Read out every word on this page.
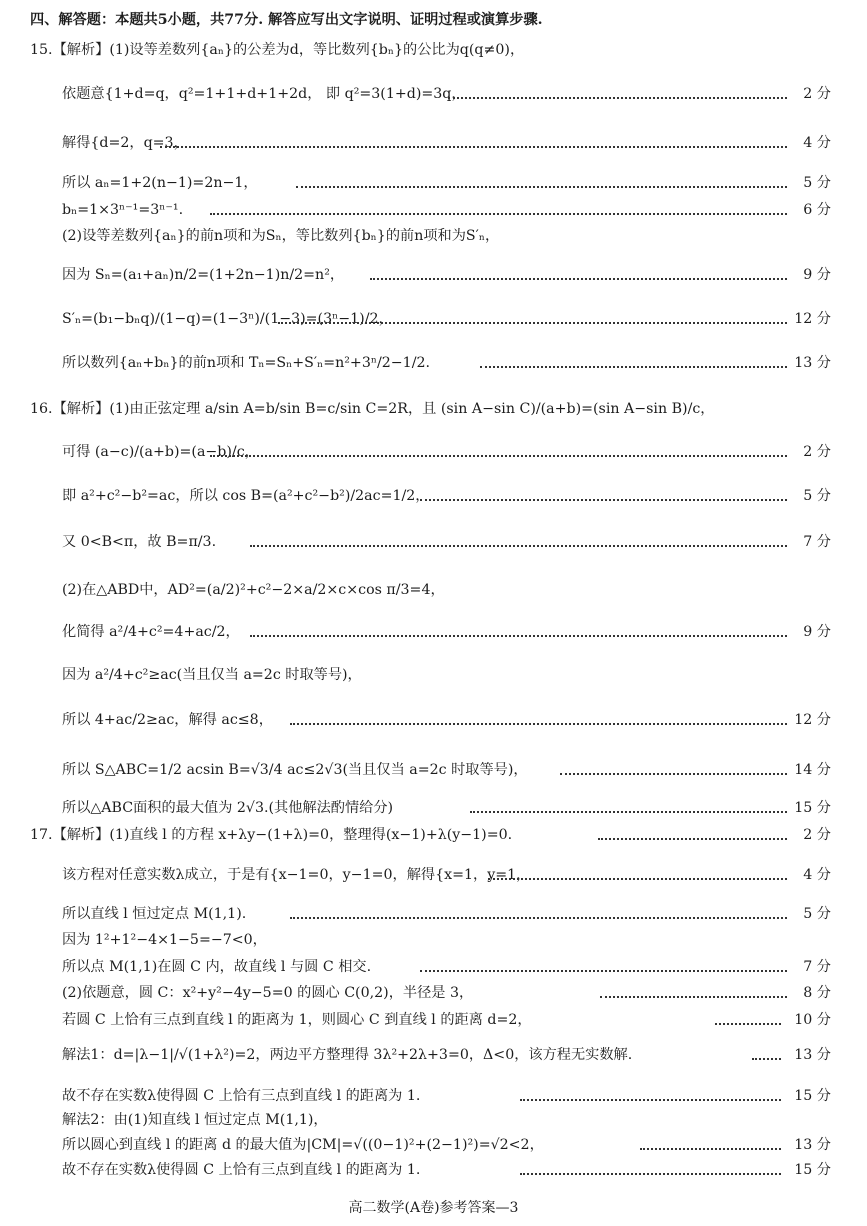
四、解答题：本题共5小题，共77分. 解答应写出文字说明、证明过程或演算步骤.
15.【解析】(1)设等差数列{aₙ}的公差为d，等比数列{bₙ}的公比为q(q≠0)，
依题意{1+d=q，q²=1+1+d+1+2d， 即 q²=3(1+d)=3q，	2 分
解得{d=2，q=3，	4 分
所以 aₙ=1+2(n−1)=2n−1，	5 分
bₙ=1×3ⁿ⁻¹=3ⁿ⁻¹.	6 分
(2)设等差数列{aₙ}的前n项和为Sₙ，等比数列{bₙ}的前n项和为S′ₙ，
因为 Sₙ=(a₁+aₙ)n/2=(1+2n−1)n/2=n²，	9 分
S′ₙ=(b₁−bₙq)/(1−q)=(1−3ⁿ)/(1−3)=(3ⁿ−1)/2，	12 分
所以数列{aₙ+bₙ}的前n项和 Tₙ=Sₙ+S′ₙ=n²+3ⁿ/2−1/2.	13 分
16.【解析】(1)由正弦定理 a/sin A=b/sin B=c/sin C=2R，且 (sin A−sin C)/(a+b)=(sin A−sin B)/c，
可得 (a−c)/(a+b)=(a−b)/c，	2 分
即 a²+c²−b²=ac，所以 cos B=(a²+c²−b²)/2ac=1/2，	5 分
又 0<B<π，故 B=π/3.	7 分
(2)在△ABD中，AD²=(a/2)²+c²−2×a/2×c×cos π/3=4，
化简得 a²/4+c²=4+ac/2，	9 分
因为 a²/4+c²≥ac(当且仅当 a=2c 时取等号)，
所以 4+ac/2≥ac，解得 ac≤8，	12 分
所以 S△ABC=1/2 acsin B=√3/4 ac≤2√3(当且仅当 a=2c 时取等号)，	14 分
所以△ABC面积的最大值为 2√3.(其他解法酌情给分)	15 分
17.【解析】(1)直线 l 的方程 x+λy−(1+λ)=0，整理得(x−1)+λ(y−1)=0.	2 分
该方程对任意实数λ成立，于是有{x−1=0，y−1=0，解得{x=1，y=1，	4 分
所以直线 l 恒过定点 M(1,1).	5 分
因为 1²+1²−4×1−5=−7<0，
所以点 M(1,1)在圆 C 内，故直线 l 与圆 C 相交.	7 分
(2)依题意，圆 C：x²+y²−4y−5=0 的圆心 C(0,2)，半径是 3，	8 分
若圆 C 上恰有三点到直线 l 的距离为 1，则圆心 C 到直线 l 的距离 d=2，	10 分
解法1：d=|λ−1|/√(1+λ²)=2，两边平方整理得 3λ²+2λ+3=0，Δ<0，该方程无实数解.	13 分
故不存在实数λ使得圆 C 上恰有三点到直线 l 的距离为 1.	15 分
解法2：由(1)知直线 l 恒过定点 M(1,1)，
所以圆心到直线 l 的距离 d 的最大值为|CM|=√((0−1)²+(2−1)²)=√2<2，	13 分
故不存在实数λ使得圆 C 上恰有三点到直线 l 的距离为 1.	15 分
高二数学(A卷)参考答案—3
